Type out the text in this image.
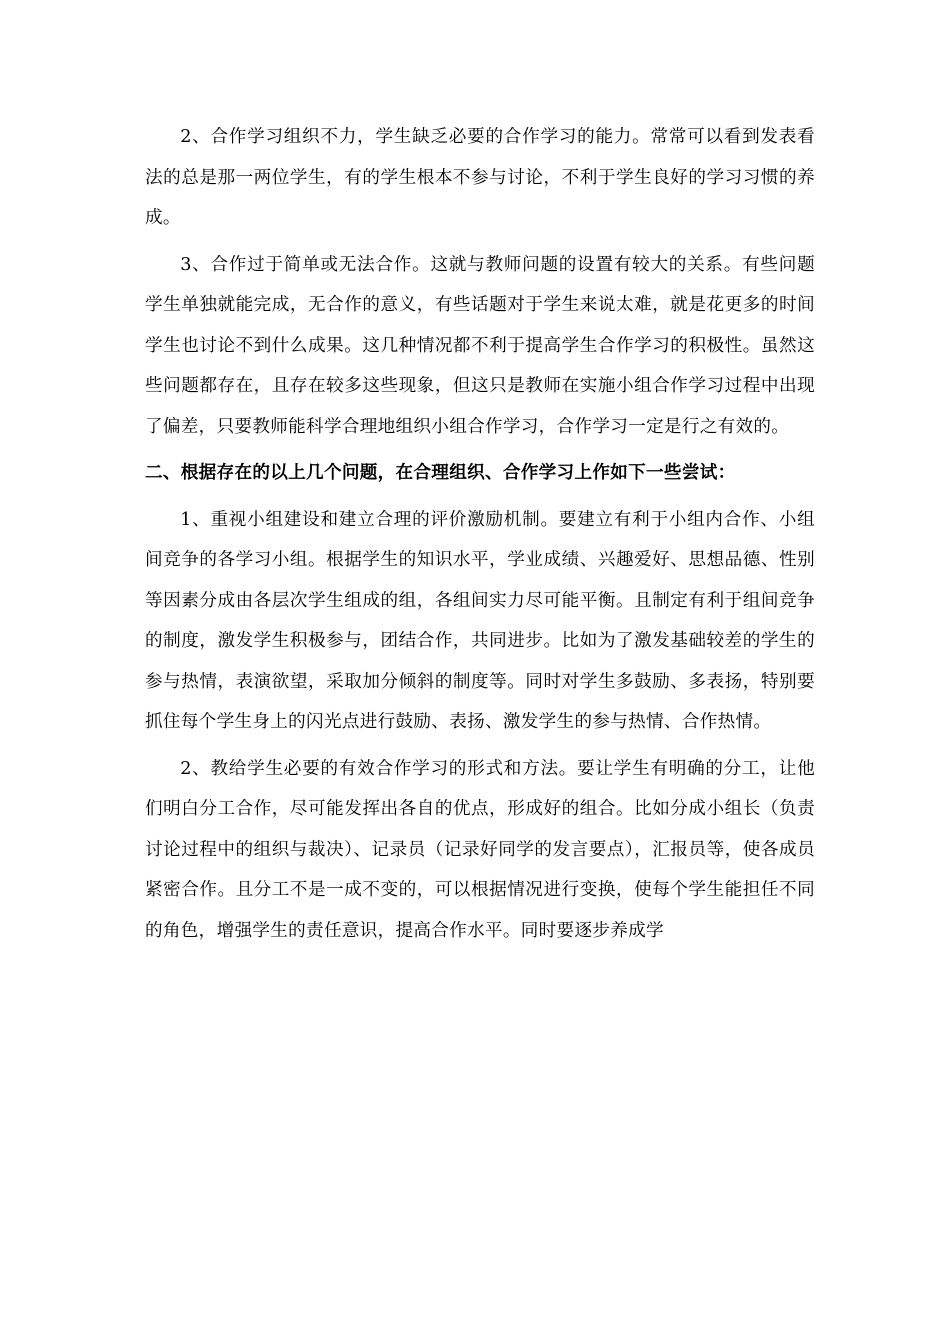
2、合作学习组织不力，学生缺乏必要的合作学习的能力。常常可以看到发表看法的总是那一两位学生，有的学生根本不参与讨论，不利于学生良好的学习习惯的养成。

3、合作过于简单或无法合作。这就与教师问题的设置有较大的关系。有些问题学生单独就能完成，无合作的意义，有些话题对于学生来说太难，就是花更多的时间学生也讨论不到什么成果。这几种情况都不利于提高学生合作学习的积极性。虽然这些问题都存在，且存在较多这些现象，但这只是教师在实施小组合作学习过程中出现了偏差，只要教师能科学合理地组织小组合作学习，合作学习一定是行之有效的。

二、根据存在的以上几个问题，在合理组织、合作学习上作如下一些尝试：

1、重视小组建设和建立合理的评价激励机制。要建立有利于小组内合作、小组间竞争的各学习小组。根据学生的知识水平，学业成绩、兴趣爱好、思想品德、性别等因素分成由各层次学生组成的组，各组间实力尽可能平衡。且制定有利于组间竞争的制度，激发学生积极参与，团结合作，共同进步。比如为了激发基础较差的学生的参与热情，表演欲望，采取加分倾斜的制度等。同时对学生多鼓励、多表扬，特别要抓住每个学生身上的闪光点进行鼓励、表扬、激发学生的参与热情、合作热情。

2、教给学生必要的有效合作学习的形式和方法。要让学生有明确的分工，让他们明白分工合作，尽可能发挥出各自的优点，形成好的组合。比如分成小组长（负责讨论过程中的组织与裁决）、记录员（记录好同学的发言要点），汇报员等，使各成员紧密合作。且分工不是一成不变的，可以根据情况进行变换，使每个学生能担任不同的角色，增强学生的责任意识，提高合作水平。同时要逐步养成学
